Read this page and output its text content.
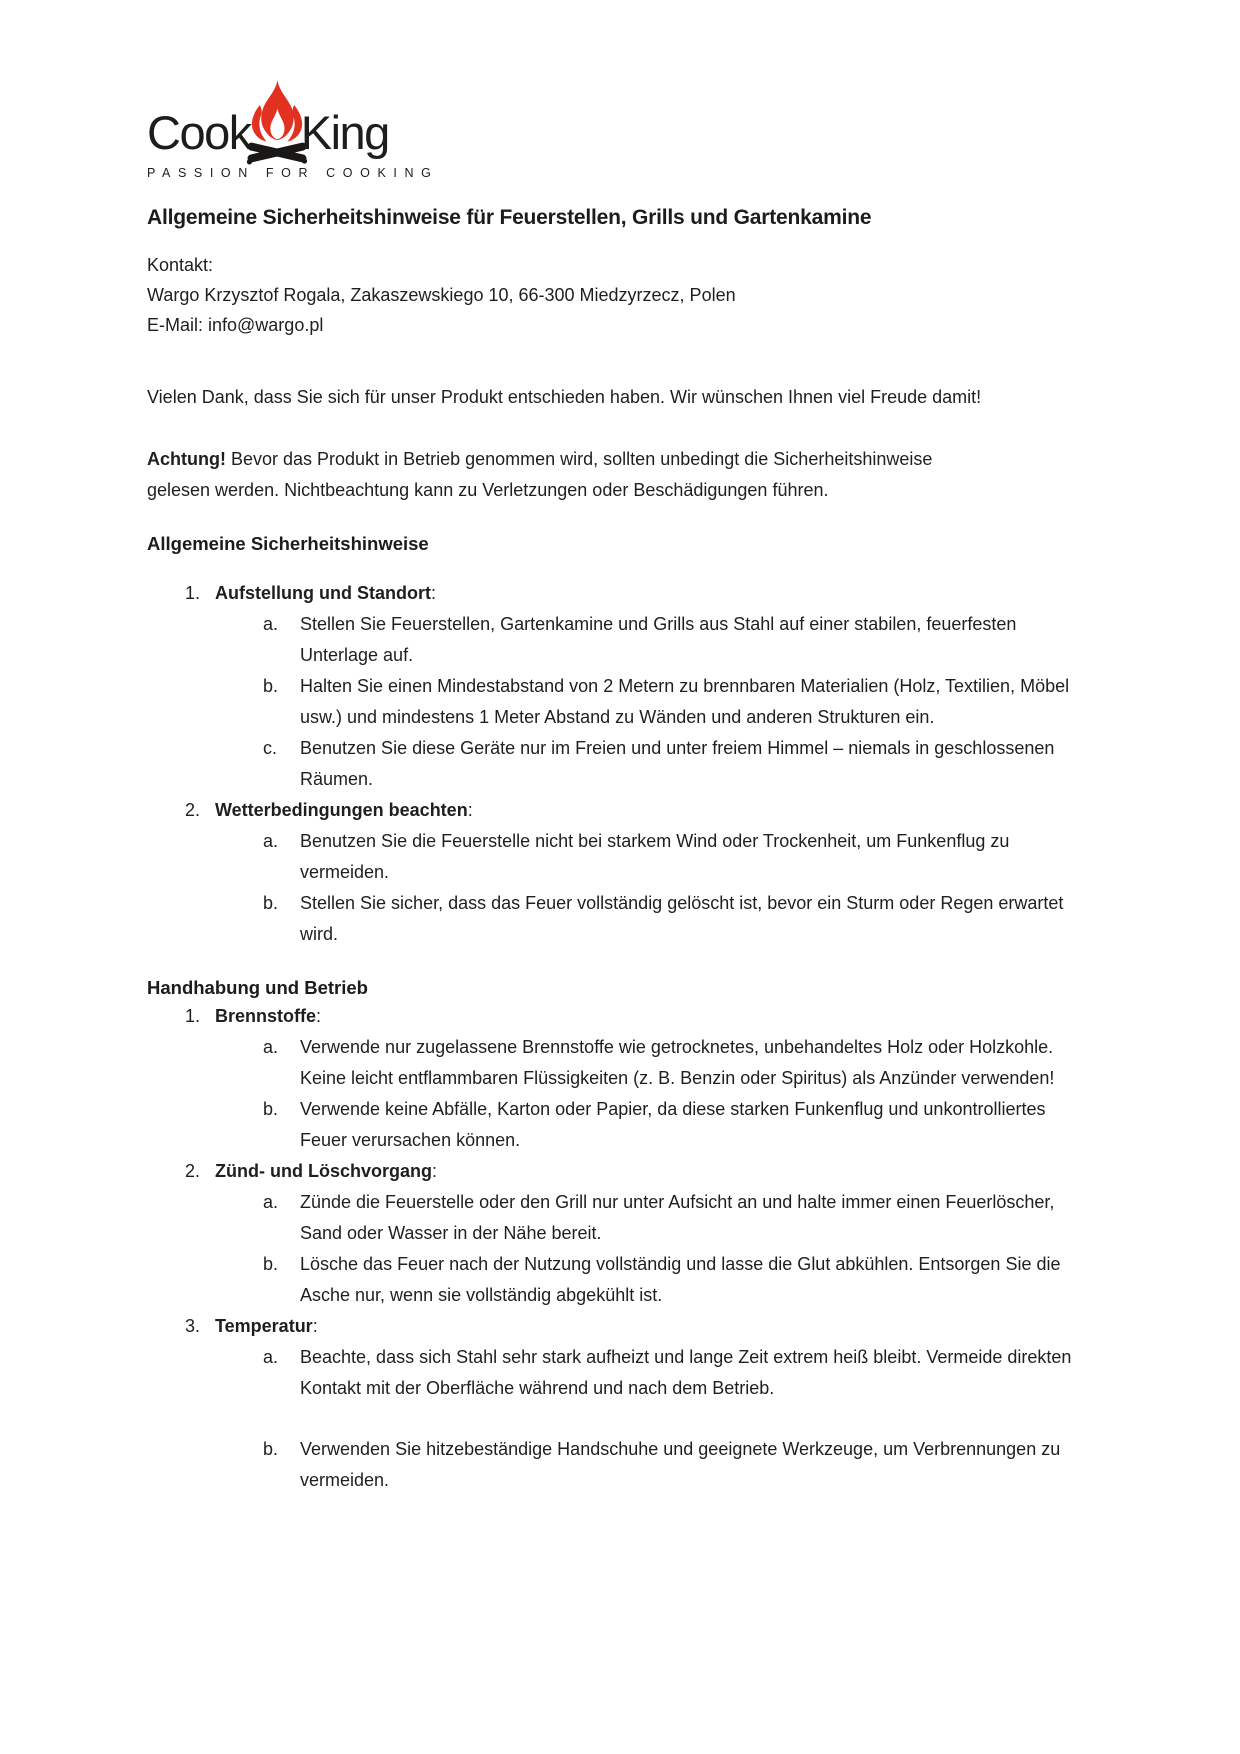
Cook King
PASSION FOR COOKING
Allgemeine Sicherheitshinweise für Feuerstellen, Grills und Gartenkamine
Kontakt:
Wargo Krzysztof Rogala, Zakaszewskiego 10, 66-300 Miedzyrzecz, Polen
E-Mail: info@wargo.pl

Vielen Dank, dass Sie sich für unser Produkt entschieden haben. Wir wünschen Ihnen viel Freude damit!

Achtung! Bevor das Produkt in Betrieb genommen wird, sollten unbedingt die Sicherheitshinweise gelesen werden. Nichtbeachtung kann zu Verletzungen oder Beschädigungen führen.

Allgemeine Sicherheitshinweise
1. Aufstellung und Standort:
a.	Stellen Sie Feuerstellen, Gartenkamine und Grills aus Stahl auf einer stabilen, feuerfesten Unterlage auf.
b.	Halten Sie einen Mindestabstand von 2 Metern zu brennbaren Materialien (Holz, Textilien, Möbel usw.) und mindestens 1 Meter Abstand zu Wänden und anderen Strukturen ein.
c.	Benutzen Sie diese Geräte nur im Freien und unter freiem Himmel – niemals in geschlossenen Räumen.
2. Wetterbedingungen beachten:
a.	Benutzen Sie die Feuerstelle nicht bei starkem Wind oder Trockenheit, um Funkenflug zu vermeiden.
b.	Stellen Sie sicher, dass das Feuer vollständig gelöscht ist, bevor ein Sturm oder Regen erwartet wird.
Handhabung und Betrieb
1. Brennstoffe:
a.	Verwende nur zugelassene Brennstoffe wie getrocknetes, unbehandeltes Holz oder Holzkohle. Keine leicht entflammbaren Flüssigkeiten (z. B. Benzin oder Spiritus) als Anzünder verwenden!
b.	Verwende keine Abfälle, Karton oder Papier, da diese starken Funkenflug und unkontrolliertes Feuer verursachen können.
2. Zünd- und Löschvorgang:
a.	Zünde die Feuerstelle oder den Grill nur unter Aufsicht an und halte immer einen Feuerlöscher, Sand oder Wasser in der Nähe bereit.
b.	Lösche das Feuer nach der Nutzung vollständig und lasse die Glut abkühlen. Entsorgen Sie die Asche nur, wenn sie vollständig abgekühlt ist.
3. Temperatur:
a.	Beachte, dass sich Stahl sehr stark aufheizt und lange Zeit extrem heiß bleibt. Vermeide direkten Kontakt mit der Oberfläche während und nach dem Betrieb.
b.	Verwenden Sie hitzebeständige Handschuhe und geeignete Werkzeuge, um Verbrennungen zu vermeiden.
